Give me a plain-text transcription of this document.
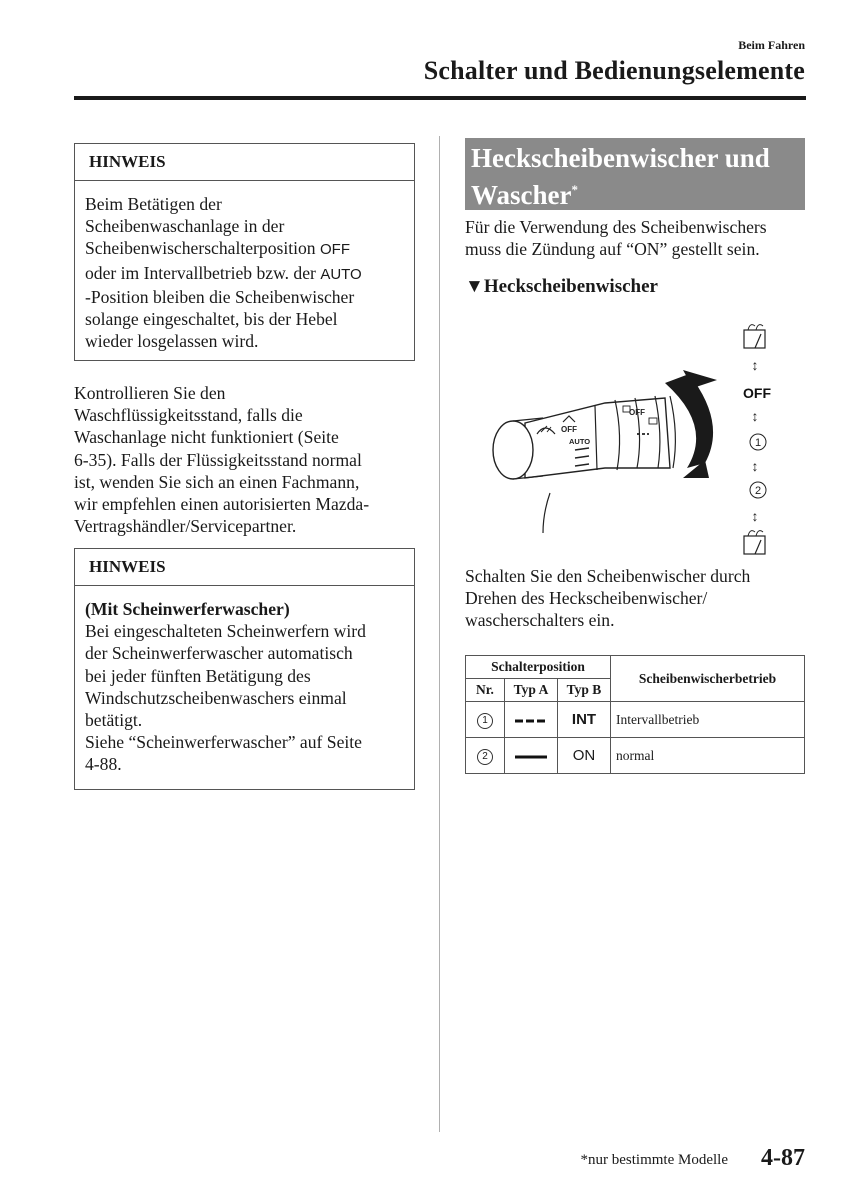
Beim Fahren
Schalter und Bedienungselemente
HINWEIS
Beim Betätigen der
Scheibenwaschanlage in der
Scheibenwischerschalterposition OFF
oder im Intervallbetrieb bzw. der AUTO
-Position bleiben die Scheibenwischer
solange eingeschaltet, bis der Hebel
wieder losgelassen wird.
Kontrollieren Sie den
Waschflüssigkeitsstand, falls die
Waschanlage nicht funktioniert (Seite
6-35). Falls der Flüssigkeitsstand normal
ist, wenden Sie sich an einen Fachmann,
wir empfehlen einen autorisierten Mazda-
Vertragshändler/Servicepartner.
HINWEIS
(Mit Scheinwerferwascher)
Bei eingeschalteten Scheinwerfern wird
der Scheinwerferwascher automatisch
bei jeder fünften Betätigung des
Windschutzscheibenwaschers einmal
betätigt.
Siehe “Scheinwerferwascher” auf Seite
4-88.
Heckscheibenwischer und
Wascher*
Für die Verwendung des Scheibenwischers
muss die Zündung auf “ON” gestellt sein.
▼Heckscheibenwischer
OFF
AUTO
OFF
↕
OFF
↕
1
↕
2
↕
Schalten Sie den Scheibenwischer durch
Drehen des Heckscheibenwischer/
wascherschalters ein.
Schalterposition			Scheibenwischerbetrieb
Nr.	Typ A	Typ B	
1		INT	Intervallbetrieb
2		ON	normal
*nur bestimmte Modelle 4-87
